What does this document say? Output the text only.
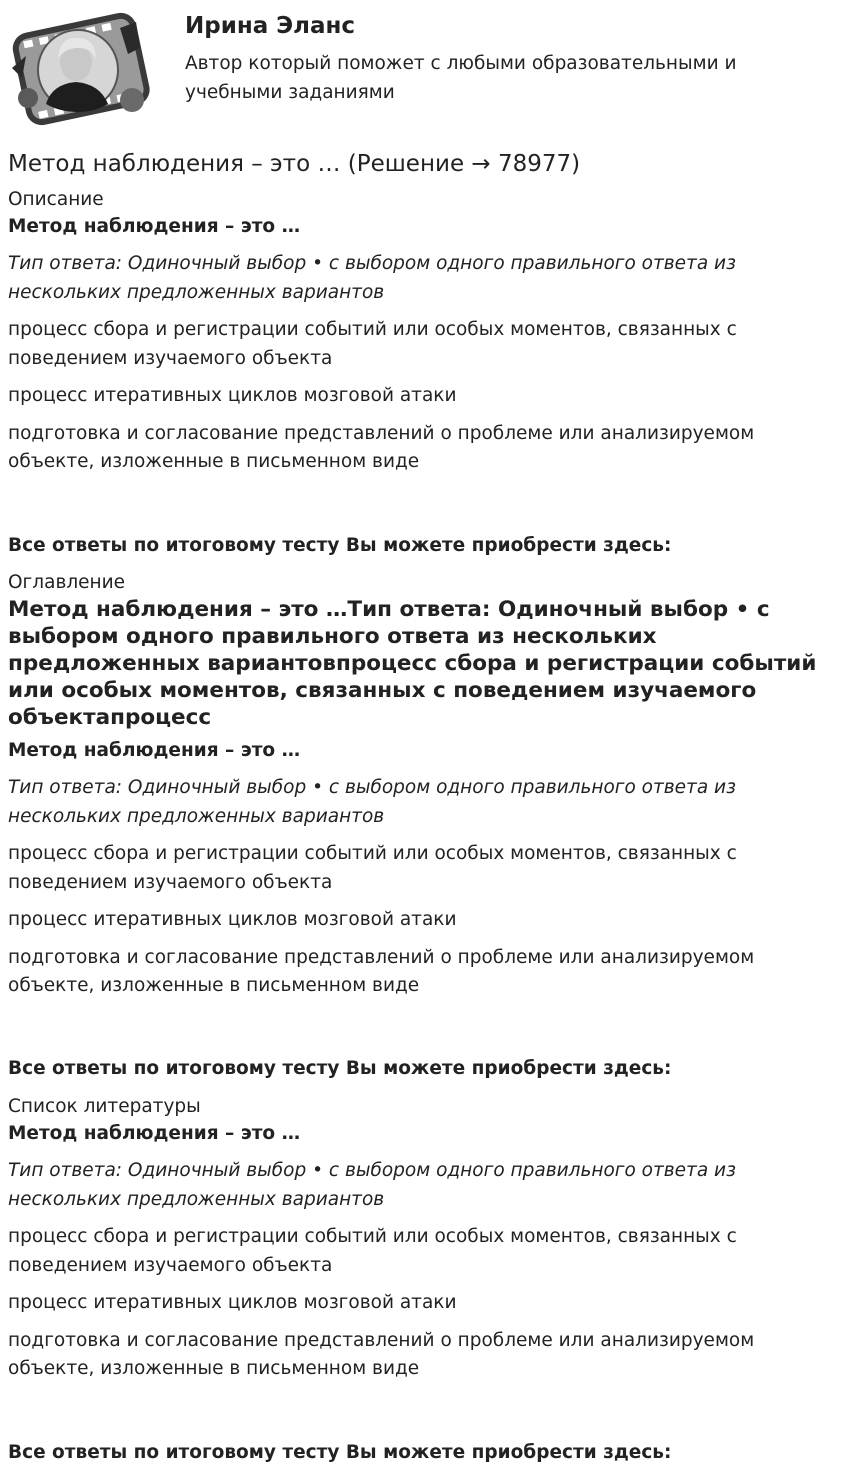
Ирина Эланс
Автор который поможет с любыми образовательными и учебными заданиями
Метод наблюдения – это … (Решение → 78977)
Описание
Метод наблюдения – это …
Тип ответа: Одиночный выбор • с выбором одного правильного ответа из нескольких предложенных вариантов
процесс сбора и регистрации событий или особых моментов, связанных с поведением изучаемого объекта
процесс итеративных циклов мозговой атаки
подготовка и согласование представлений о проблеме или анализируемом объекте, изложенные в письменном виде
Все ответы по итоговому тесту Вы можете приобрести здесь:
Оглавление
Метод наблюдения – это …Тип ответа: Одиночный выбор • с выбором одного правильного ответа из нескольких предложенных вариантовпроцесс сбора и регистрации событий или особых моментов, связанных с поведением изучаемого объектапроцесс
Метод наблюдения – это …
Тип ответа: Одиночный выбор • с выбором одного правильного ответа из нескольких предложенных вариантов
процесс сбора и регистрации событий или особых моментов, связанных с поведением изучаемого объекта
процесс итеративных циклов мозговой атаки
подготовка и согласование представлений о проблеме или анализируемом объекте, изложенные в письменном виде
Все ответы по итоговому тесту Вы можете приобрести здесь:
Список литературы
Метод наблюдения – это …
Тип ответа: Одиночный выбор • с выбором одного правильного ответа из нескольких предложенных вариантов
процесс сбора и регистрации событий или особых моментов, связанных с поведением изучаемого объекта
процесс итеративных циклов мозговой атаки
подготовка и согласование представлений о проблеме или анализируемом объекте, изложенные в письменном виде
Все ответы по итоговому тесту Вы можете приобрести здесь:
